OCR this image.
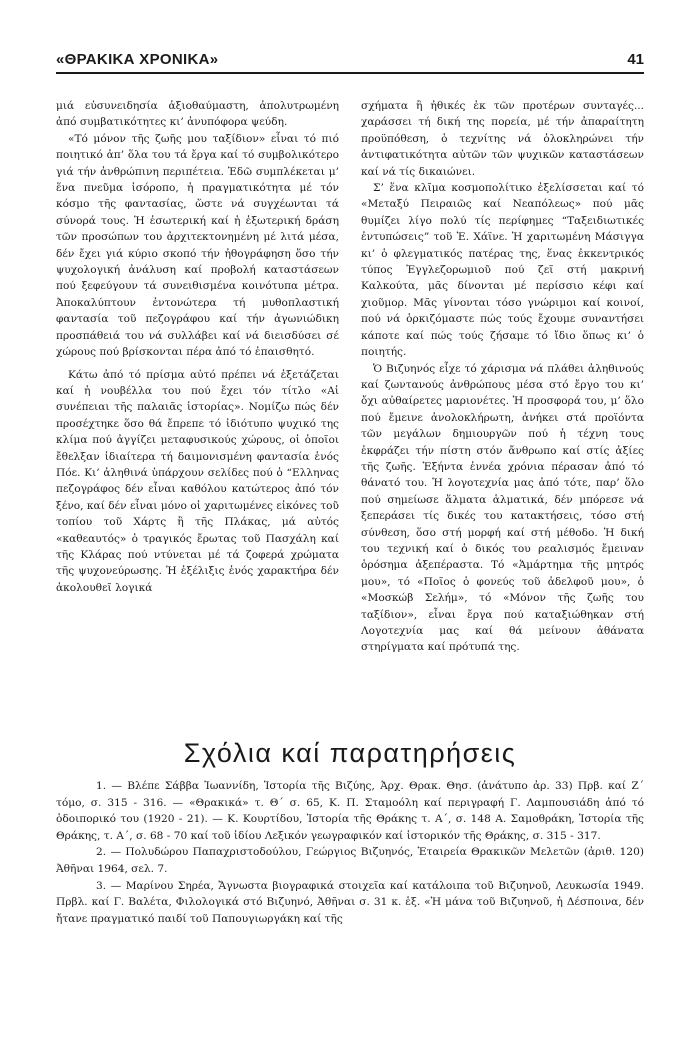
«ΘΡΑΚΙΚΑ ΧΡΟΝΙΚΑ»	41

μιά εὐσυνειδησία ἀξιοθαύμαστη, ἀπολυτρωμένη ἀπό συμβατικότητες κι’ ἀνυπόφορα ψεύδη.

«Τό μόνον τῆς ζωῆς μου ταξίδιον» εἶναι τό πιό ποιητικό ἀπ’ ὅλα του τά ἔργα καί τό συμβολικότερο γιά τήν ἀνθρώπινη περιπέτεια. Ἐδῶ συμπλέκεται μ’ ἕνα πνεῦμα ἰσόροπο, ἡ πραγματικότητα μέ τόν κόσμο τῆς φαντασίας, ὥστε νά συγχέωνται τά σύνορά τους. Ἡ ἐσωτερική καί ἡ ἐξωτερική δράση τῶν προσώπων του ἀρχιτεκτονημένη μέ λιτά μέσα, δέν ἔχει γιά κύριο σκοπό τήν ἠθογράφηση ὅσο τήν ψυχολογική ἀνάλυση καί προβολή καταστάσεων πού ξεφεύγουν τά συνειθισμένα κοινότυπα μέτρα. Ἀποκαλύπτουν ἐντονώτερα τή μυθοπλαστική φαντασία τοῦ πεζογράφου καί τήν ἀγωνιώδικη προσπάθειά του νά συλλάβει καί νά διεισδύσει σέ χώρους πού βρίσκονται πέρα ἀπό τό ἐπαισθητό.

Κάτω ἀπό τό πρίσμα αὐτό πρέπει νά ἐξετάζεται καί ἡ νουβέλλα του πού ἔχει τόν τίτλο «Αἱ συνέπειαι τῆς παλαιᾶς ἱστορίας». Νομίζω πώς δέν προσέχτηκε ὅσο θά ἔπρεπε τό ἰδιότυπο ψυχικό της κλίμα πού ἀγγίζει μεταφυσικούς χώρους, οἱ ὁποῖοι ἔθελξαν ἰδιαίτερα τή δαιμονισμένη φαντασία ἑνός Πόε. Κι’ ἀληθινά ὑπάρχουν σελίδες πού ὁ “Ελληνας πεζογράφος δέν εἶναι καθόλου κατώτερος ἀπό τόν ξένο, καί δέν εἶναι μόνο οἱ χαριτωμένες εἰκόνες τοῦ τοπίου τοῦ Χάρτς ἢ τῆς Πλάκας, μά αὐτός «καθεαυτός» ὁ τραγικός ἔρωτας τοῦ Πασχάλη καί τῆς Κλάρας πού ντύνεται μέ τά ζοφερά χρώματα τῆς ψυχονεύρωσης. Ἡ ἐξέλιξις ἑνός χαρακτήρα δέν ἀκολουθεῖ λογικά

σχήματα ἢ ἠθικές ἐκ τῶν προτέρων συνταγές... χαράσσει τή δική της πορεία, μέ τήν ἀπαραίτητη προϋπόθεση, ὁ τεχνίτης νά ὁλοκληρώνει τήν ἀντιφατικότητα αὐτῶν τῶν ψυχικῶν καταστάσεων καί νά τίς δικαιώνει.

Σ’ ἕνα κλῖμα κοσμοπολίτικο ἐξελίσσεται καί τό «Μεταξύ Πειραιῶς καί Νεαπόλεως» πού μᾶς θυμίζει λίγο πολύ τίς περίφημες “Ταξειδιωτικές ἐντυπώσεις” τοῦ Ἐ. Χάϊνε. Ἡ χαριτωμένη Μάσιγγα κι’ ὁ φλεγματικός πατέρας της, ἕνας ἐκκεντρικός τύπος Ἐγγλεζορωμιοῦ πού ζεῖ στή μακρινή Καλκούτα, μᾶς δίνονται μέ περίσσιο κέφι καί χιοῦμορ. Μᾶς γίνονται τόσο γνώριμοι καί κοινοί, πού νά ὁρκιζόμαστε πώς τούς ἔχουμε συναντήσει κάποτε καί πώς τούς ζήσαμε τό ἴδιο ὅπως κι’ ὁ ποιητής.

Ὁ Βιζυηνός εἶχε τό χάρισμα νά πλάθει ἀληθινούς καί ζωντανούς ἀνθρώπους μέσα στό ἔργο του κι’ ὄχι αὐθαίρετες μαριονέτες. Ἡ προσφορά του, μ’ ὅλο πού ἔμεινε ἀνολοκλήρωτη, ἀνήκει στά προϊόντα τῶν μεγάλων δημιουργῶν πού ἡ τέχνη τους ἐκφράζει τήν πίστη στόν ἄνθρωπο καί στίς ἀξίες τῆς ζωῆς. Ἐξήντα ἐννέα χρόνια πέρασαν ἀπό τό θάνατό του. Ἡ λογοτεχνία μας ἀπό τότε, παρ’ ὅλο πού σημείωσε ἅλματα ἁλματικά, δέν μπόρεσε νά ξεπεράσει τίς δικές του κατακτήσεις, τόσο στή σύνθεση, ὅσο στή μορφή καί στή μέθοδο. Ἡ δική του τεχνική καί ὁ δικός του ρεαλισμός ἔμειναν ὁρόσημα ἀξεπέραστα. Τό «Ἁμάρτημα τῆς μητρός μου», τό «Ποῖος ὁ φονεύς τοῦ ἀδελφοῦ μου», ὁ «Μοσκώβ Σελήμ», τό «Μόνον τῆς ζωῆς του ταξίδιον», εἶναι ἔργα πού καταξιώθηκαν στή Λογοτεχνία μας καί θά μείνουν ἀθάνατα στηρίγματα καί πρότυπά της.

Σχόλια καί παρατηρήσεις

1. — Βλέπε Σάββα Ἰωαννίδη, Ἱστορία τῆς Βιζύης, Ἀρχ. Θρακ. Θησ. (ἀνάτυπο ἀρ. 33) Πρβ. καί Ζ΄ τόμο, σ. 315 - 316. — «Θρακικά» τ. Θ΄ σ. 65, Κ. Π. Σταμοόλη καί περιγραφή Γ. Λαμπουσιάδη ἀπό τό ὁδοιπορικό του (1920 - 21). — Κ. Κουρτίδου, Ἱστορία τῆς Θράκης τ. Α΄, σ. 148 Α. Σαμοθράκη, Ἱστορία τῆς Θράκης, τ. Α΄, σ. 68 - 70 καί τοῦ ἰδίου Λεξικόν γεωγραφικόν καί ἱστορικόν τῆς Θράκης, σ. 315 - 317.

2. — Πολυδώρου Παπαχριστοδούλου, Γεώργιος Βιζυηνός, Ἑταιρεία Θρακικῶν Μελετῶν (ἀριθ. 120) Ἀθῆναι 1964, σελ. 7.

3. — Μαρίνου Σηρέα, Ἄγνωστα βιογραφικά στοιχεῖα καί κατάλοιπα τοῦ Βιζυηνοῦ, Λευκωσία 1949. Πρβλ. καί Γ. Βαλέτα, Φιλολογικά στό Βιζυηνό, Ἀθῆναι σ. 31 κ. ἑξ. «Ἡ μάνα τοῦ Βιζυηνοῦ, ἡ Δέσποινα, δέν ἤτανε πραγματικό παιδί τοῦ Παπουγιωργάκη καί τῆς
